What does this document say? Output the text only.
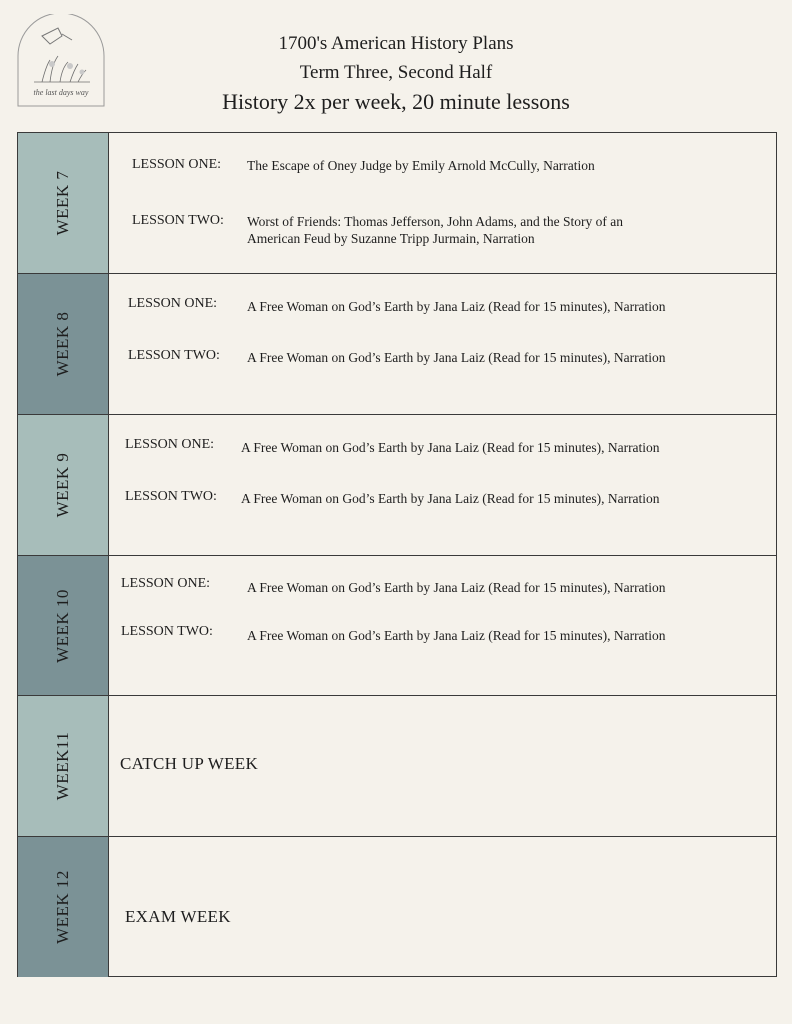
the last days way
1700's American History Plans
Term Three, Second Half
History 2x per week, 20 minute lessons
WEEK 7
LESSON ONE: The Escape of Oney Judge by Emily Arnold McCully, Narration
LESSON TWO: Worst of Friends: Thomas Jefferson, John Adams, and the Story of an
American Feud by Suzanne Tripp Jurmain, Narration
WEEK 8
LESSON ONE: A Free Woman on God’s Earth by Jana Laiz (Read for 15 minutes), Narration
LESSON TWO: A Free Woman on God’s Earth by Jana Laiz (Read for 15 minutes), Narration
WEEK 9
LESSON ONE: A Free Woman on God’s Earth by Jana Laiz (Read for 15 minutes), Narration
LESSON TWO: A Free Woman on God’s Earth by Jana Laiz (Read for 15 minutes), Narration
WEEK 10
LESSON ONE:	A Free Woman on God’s Earth by Jana Laiz (Read for 15 minutes), Narration
LESSON TWO:	A Free Woman on God’s Earth by Jana Laiz (Read for 15 minutes), Narration
WEEK11	CATCH UP WEEK
WEEK 12	EXAM WEEK
